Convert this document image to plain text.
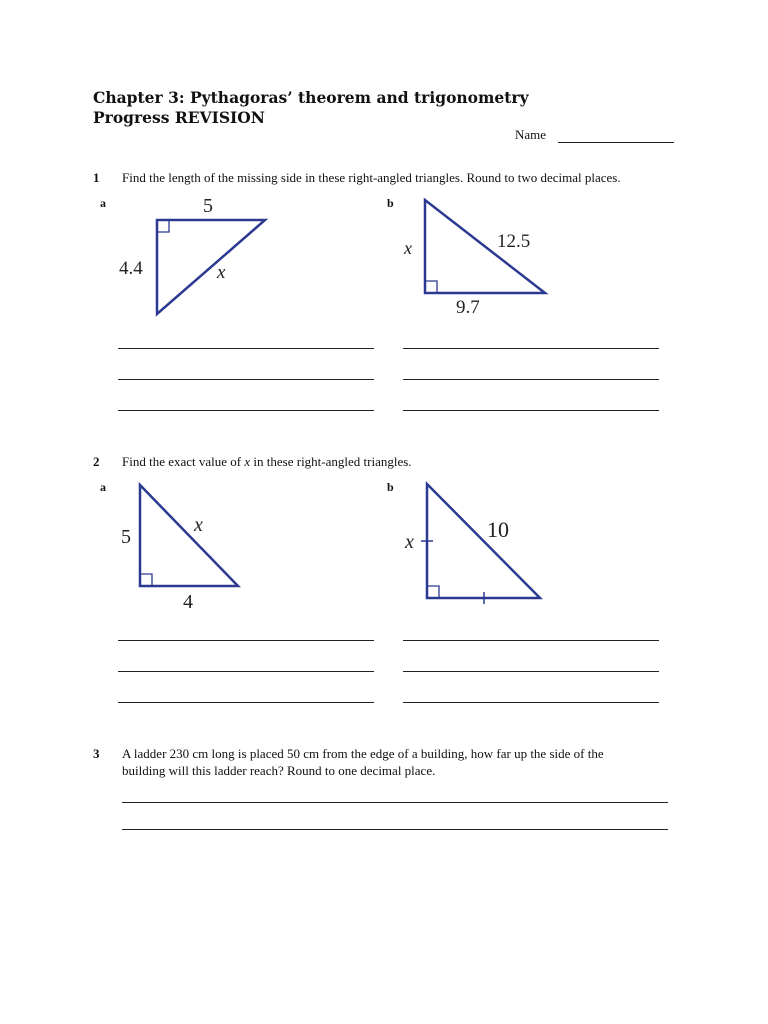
Chapter 3: Pythagoras’ theorem and trigonometry
Progress REVISION
Name
1 Find the length of the missing side in these right-angled triangles. Round to two decimal places.
a	b
5
4.4	x
x	12.5
9.7
2 Find the exact value of x in these right-angled triangles.
a	b
5
x
4
x	10
3 A ladder 230 cm long is placed 50 cm from the edge of a building, how far up the side of the
building will this ladder reach? Round to one decimal place.
